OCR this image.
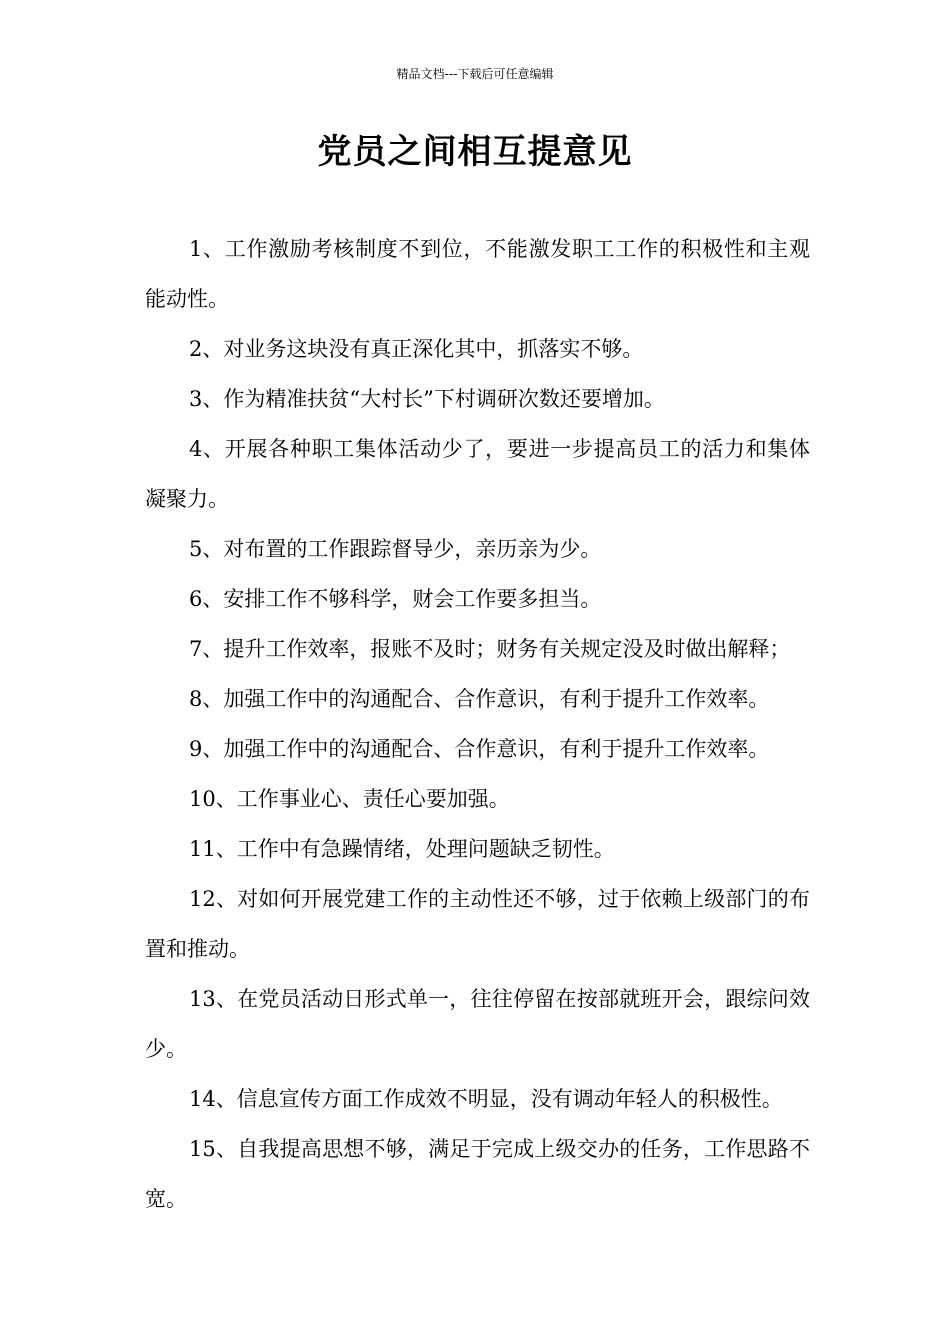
精品文档---下载后可任意编辑
党员之间相互提意见

1、工作激励考核制度不到位，不能激发职工工作的积极性和主观能动性。

2、对业务这块没有真正深化其中，抓落实不够。

3、作为精准扶贫“大村长”下村调研次数还要增加。

4、开展各种职工集体活动少了，要进一步提高员工的活力和集体凝聚力。

5、对布置的工作跟踪督导少，亲历亲为少。

6、安排工作不够科学，财会工作要多担当。

7、提升工作效率，报账不及时；财务有关规定没及时做出解释；

8、加强工作中的沟通配合、合作意识，有利于提升工作效率。

9、加强工作中的沟通配合、合作意识，有利于提升工作效率。

10、工作事业心、责任心要加强。

11、工作中有急躁情绪，处理问题缺乏韧性。

12、对如何开展党建工作的主动性还不够，过于依赖上级部门的布置和推动。

13、在党员活动日形式单一，往往停留在按部就班开会，跟综问效少。

14、信息宣传方面工作成效不明显，没有调动年轻人的积极性。

15、自我提高思想不够，满足于完成上级交办的任务，工作思路不宽。
